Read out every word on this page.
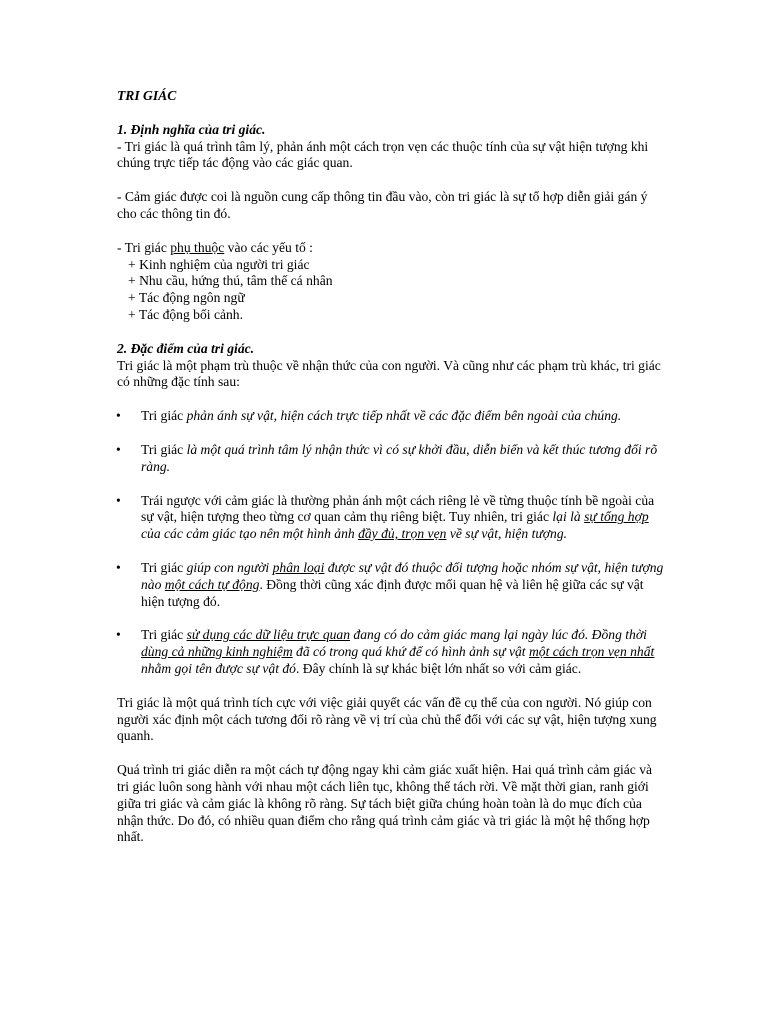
TRI GIÁC

1. Định nghĩa của tri giác.

- Tri giác là quá trình tâm lý, phản ánh một cách trọn vẹn các thuộc tính của sự vật hiện tượng khi chúng trực tiếp tác động vào các giác quan.

- Cảm giác được coi là nguồn cung cấp thông tin đầu vào, còn tri giác là sự tổ hợp diễn giải gán ý cho các thông tin đó.

- Tri giác phụ thuộc vào các yếu tố :

+ Kinh nghiệm của người tri giác

+ Nhu cầu, hứng thú, tâm thế cá nhân

+ Tác động ngôn ngữ

+ Tác động bối cảnh.

2. Đặc điểm của tri giác.

Tri giác là một phạm trù thuộc về nhận thức của con người. Và cũng như các phạm trù khác, tri giác có những đặc tính sau:

• Tri giác phản ánh sự vật, hiện cách trực tiếp nhất về các đặc điểm bên ngoài của chúng.
• Tri giác là một quá trình tâm lý nhận thức vì có sự khởi đầu, diễn biến và kết thúc tương đối rõ ràng.
• Trái ngược với cảm giác là thường phản ánh một cách riêng lẻ về từng thuộc tính bề ngoài của sự vật, hiện tượng theo từng cơ quan cảm thụ riêng biệt. Tuy nhiên, tri giác lại là sự tổng hợp của các cảm giác tạo nên một hình ảnh đầy đủ, trọn vẹn về sự vật, hiện tượng.
• Tri giác giúp con người phân loại được sự vật đó thuộc đối tượng hoặc nhóm sự vật, hiện tượng nào một cách tự động. Đồng thời cũng xác định được mối quan hệ và liên hệ giữa các sự vật hiện tượng đó.
• Tri giác sử dụng các dữ liệu trực quan đang có do cảm giác mang lại ngày lúc đó. Đồng thời dùng cả những kinh nghiệm đã có trong quá khứ để có hình ảnh sự vật một cách trọn vẹn nhất nhằm gọi tên được sự vật đó. Đây chính là sự khác biệt lớn nhất so với cảm giác.

Tri giác là một quá trình tích cực với việc giải quyết các vấn đề cụ thể của con người. Nó giúp con người xác định một cách tương đối rõ ràng về vị trí của chủ thể đối với các sự vật, hiện tượng xung quanh.

Quá trình tri giác diễn ra một cách tự động ngay khi cảm giác xuất hiện. Hai quá trình cảm giác và tri giác luôn song hành với nhau một cách liên tục, không thể tách rời. Về mặt thời gian, ranh giới giữa tri giác và cảm giác là không rõ ràng. Sự tách biệt giữa chúng hoàn toàn là do mục đích của nhận thức. Do đó, có nhiều quan điểm cho rằng quá trình cảm giác và tri giác là một hệ thống hợp nhất.
